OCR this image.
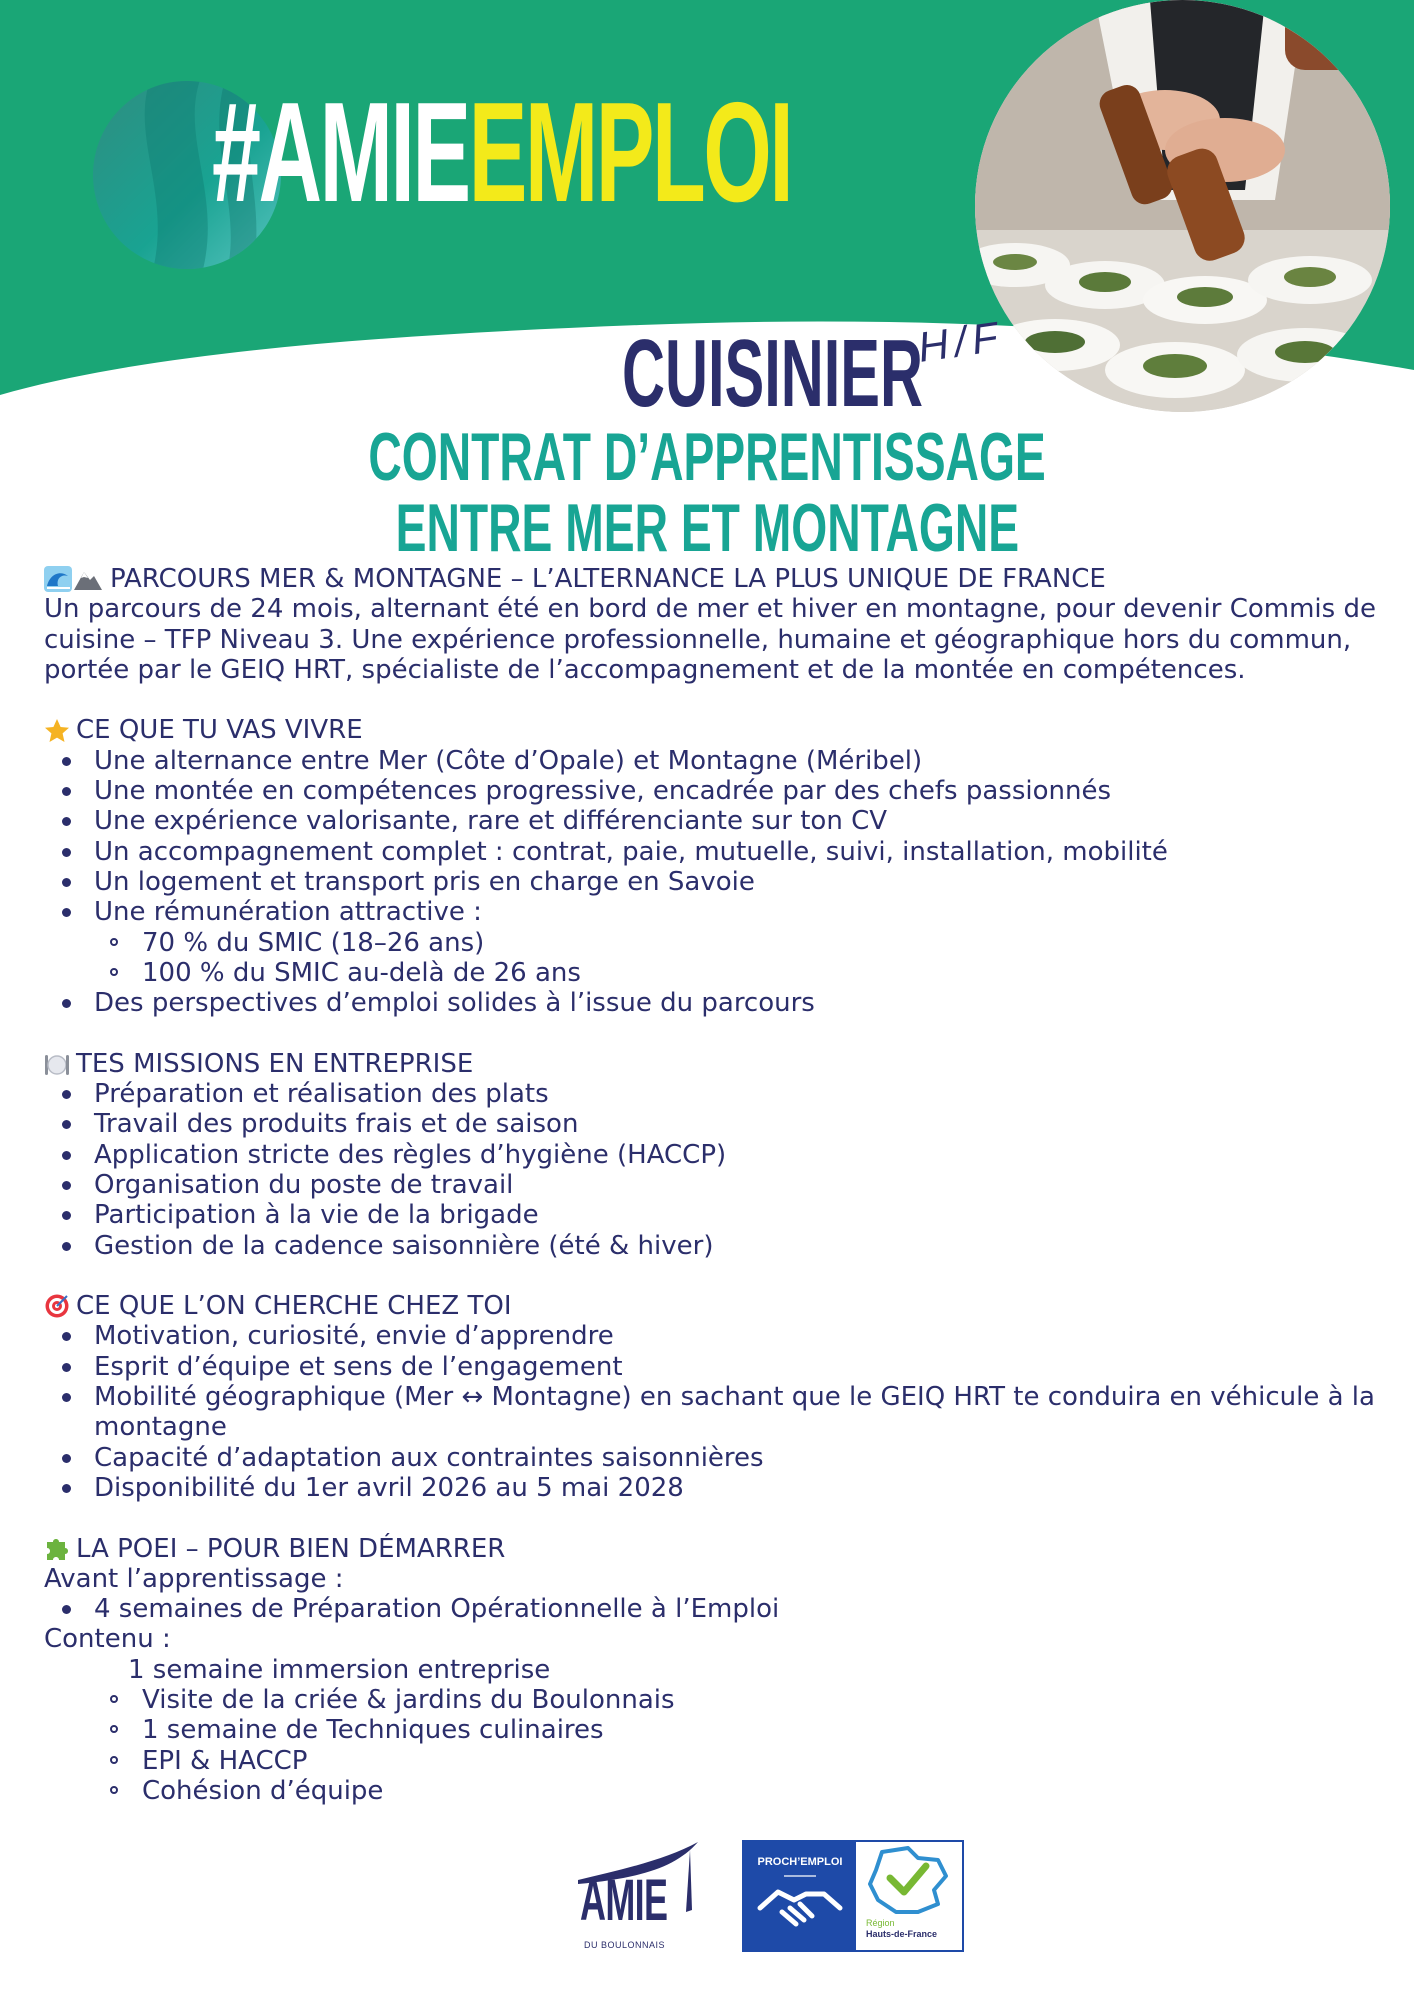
#AMIEEMPLOI
CUISINIER
H/F
CONTRAT D’APPRENTISSAGE
ENTRE MER ET MONTAGNE
PARCOURS MER & MONTAGNE – L’ALTERNANCE LA PLUS UNIQUE DE FRANCE

Un parcours de 24 mois, alternant été en bord de mer et hiver en montagne, pour devenir Commis de cuisine – TFP Niveau 3. Une expérience professionnelle, humaine et géographique hors du commun, portée par le GEIQ HRT, spécialiste de l’accompagnement et de la montée en compétences.

CE QUE TU VAS VIVRE
Une alternance entre Mer (Côte d’Opale) et Montagne (Méribel)
Une montée en compétences progressive, encadrée par des chefs passionnés
Une expérience valorisante, rare et différenciante sur ton CV
Un accompagnement complet : contrat, paie, mutuelle, suivi, installation, mobilité
Un logement et transport pris en charge en Savoie
Une rémunération attractive :
70 % du SMIC (18–26 ans)
100 % du SMIC au-delà de 26 ans
Des perspectives d’emploi solides à l’issue du parcours
TES MISSIONS EN ENTREPRISE
Préparation et réalisation des plats
Travail des produits frais et de saison
Application stricte des règles d’hygiène (HACCP)
Organisation du poste de travail
Participation à la vie de la brigade
Gestion de la cadence saisonnière (été & hiver)
CE QUE L’ON CHERCHE CHEZ TOI
Motivation, curiosité, envie d’apprendre
Esprit d’équipe et sens de l’engagement
Mobilité géographique (Mer ↔ Montagne) en sachant que le GEIQ HRT te conduira en véhicule à la montagne
Capacité d’adaptation aux contraintes saisonnières
Disponibilité du 1er avril 2026 au 5 mai 2028
LA POEI – POUR BIEN DÉMARRER

Avant l’apprentissage :

4 semaines de Préparation Opérationnelle à l’Emploi

Contenu :

1 semaine immersion entreprise

Visite de la criée & jardins du Boulonnais
1 semaine de Techniques culinaires
EPI & HACCP
Cohésion d’équipe
AMIE
DU BOULONNAIS
PROCH’EMPLOI
Région
Hauts-de-France
